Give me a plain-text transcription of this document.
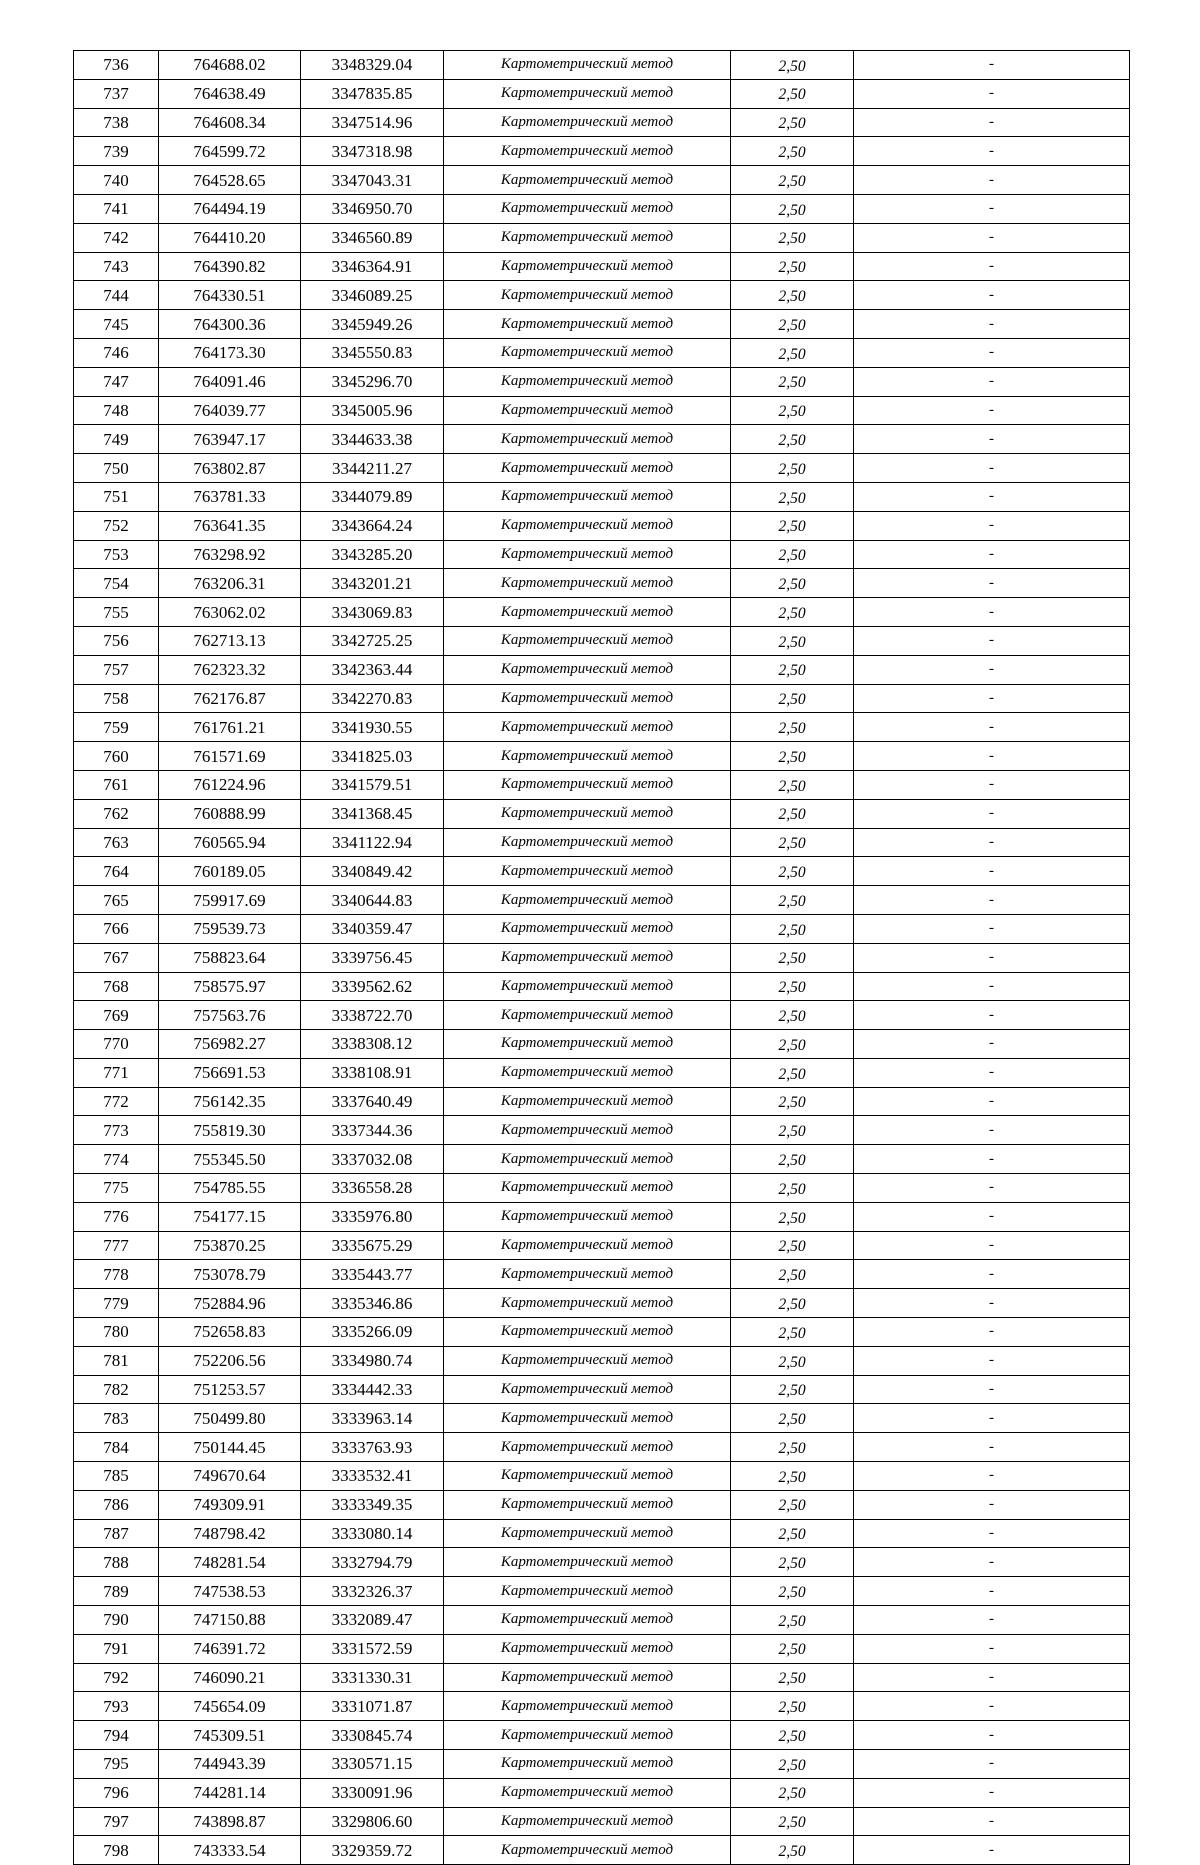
736	764688.02	3348329.04	Картометрический метод	2,50	-
737	764638.49	3347835.85	Картометрический метод	2,50	-
738	764608.34	3347514.96	Картометрический метод	2,50	-
739	764599.72	3347318.98	Картометрический метод	2,50	-
740	764528.65	3347043.31	Картометрический метод	2,50	-
741	764494.19	3346950.70	Картометрический метод	2,50	-
742	764410.20	3346560.89	Картометрический метод	2,50	-
743	764390.82	3346364.91	Картометрический метод	2,50	-
744	764330.51	3346089.25	Картометрический метод	2,50	-
745	764300.36	3345949.26	Картометрический метод	2,50	-
746	764173.30	3345550.83	Картометрический метод	2,50	-
747	764091.46	3345296.70	Картометрический метод	2,50	-
748	764039.77	3345005.96	Картометрический метод	2,50	-
749	763947.17	3344633.38	Картометрический метод	2,50	-
750	763802.87	3344211.27	Картометрический метод	2,50	-
751	763781.33	3344079.89	Картометрический метод	2,50	-
752	763641.35	3343664.24	Картометрический метод	2,50	-
753	763298.92	3343285.20	Картометрический метод	2,50	-
754	763206.31	3343201.21	Картометрический метод	2,50	-
755	763062.02	3343069.83	Картометрический метод	2,50	-
756	762713.13	3342725.25	Картометрический метод	2,50	-
757	762323.32	3342363.44	Картометрический метод	2,50	-
758	762176.87	3342270.83	Картометрический метод	2,50	-
759	761761.21	3341930.55	Картометрический метод	2,50	-
760	761571.69	3341825.03	Картометрический метод	2,50	-
761	761224.96	3341579.51	Картометрический метод	2,50	-
762	760888.99	3341368.45	Картометрический метод	2,50	-
763	760565.94	3341122.94	Картометрический метод	2,50	-
764	760189.05	3340849.42	Картометрический метод	2,50	-
765	759917.69	3340644.83	Картометрический метод	2,50	-
766	759539.73	3340359.47	Картометрический метод	2,50	-
767	758823.64	3339756.45	Картометрический метод	2,50	-
768	758575.97	3339562.62	Картометрический метод	2,50	-
769	757563.76	3338722.70	Картометрический метод	2,50	-
770	756982.27	3338308.12	Картометрический метод	2,50	-
771	756691.53	3338108.91	Картометрический метод	2,50	-
772	756142.35	3337640.49	Картометрический метод	2,50	-
773	755819.30	3337344.36	Картометрический метод	2,50	-
774	755345.50	3337032.08	Картометрический метод	2,50	-
775	754785.55	3336558.28	Картометрический метод	2,50	-
776	754177.15	3335976.80	Картометрический метод	2,50	-
777	753870.25	3335675.29	Картометрический метод	2,50	-
778	753078.79	3335443.77	Картометрический метод	2,50	-
779	752884.96	3335346.86	Картометрический метод	2,50	-
780	752658.83	3335266.09	Картометрический метод	2,50	-
781	752206.56	3334980.74	Картометрический метод	2,50	-
782	751253.57	3334442.33	Картометрический метод	2,50	-
783	750499.80	3333963.14	Картометрический метод	2,50	-
784	750144.45	3333763.93	Картометрический метод	2,50	-
785	749670.64	3333532.41	Картометрический метод	2,50	-
786	749309.91	3333349.35	Картометрический метод	2,50	-
787	748798.42	3333080.14	Картометрический метод	2,50	-
788	748281.54	3332794.79	Картометрический метод	2,50	-
789	747538.53	3332326.37	Картометрический метод	2,50	-
790	747150.88	3332089.47	Картометрический метод	2,50	-
791	746391.72	3331572.59	Картометрический метод	2,50	-
792	746090.21	3331330.31	Картометрический метод	2,50	-
793	745654.09	3331071.87	Картометрический метод	2,50	-
794	745309.51	3330845.74	Картометрический метод	2,50	-
795	744943.39	3330571.15	Картометрический метод	2,50	-
796	744281.14	3330091.96	Картометрический метод	2,50	-
797	743898.87	3329806.60	Картометрический метод	2,50	-
798	743333.54	3329359.72	Картометрический метод	2,50	-
